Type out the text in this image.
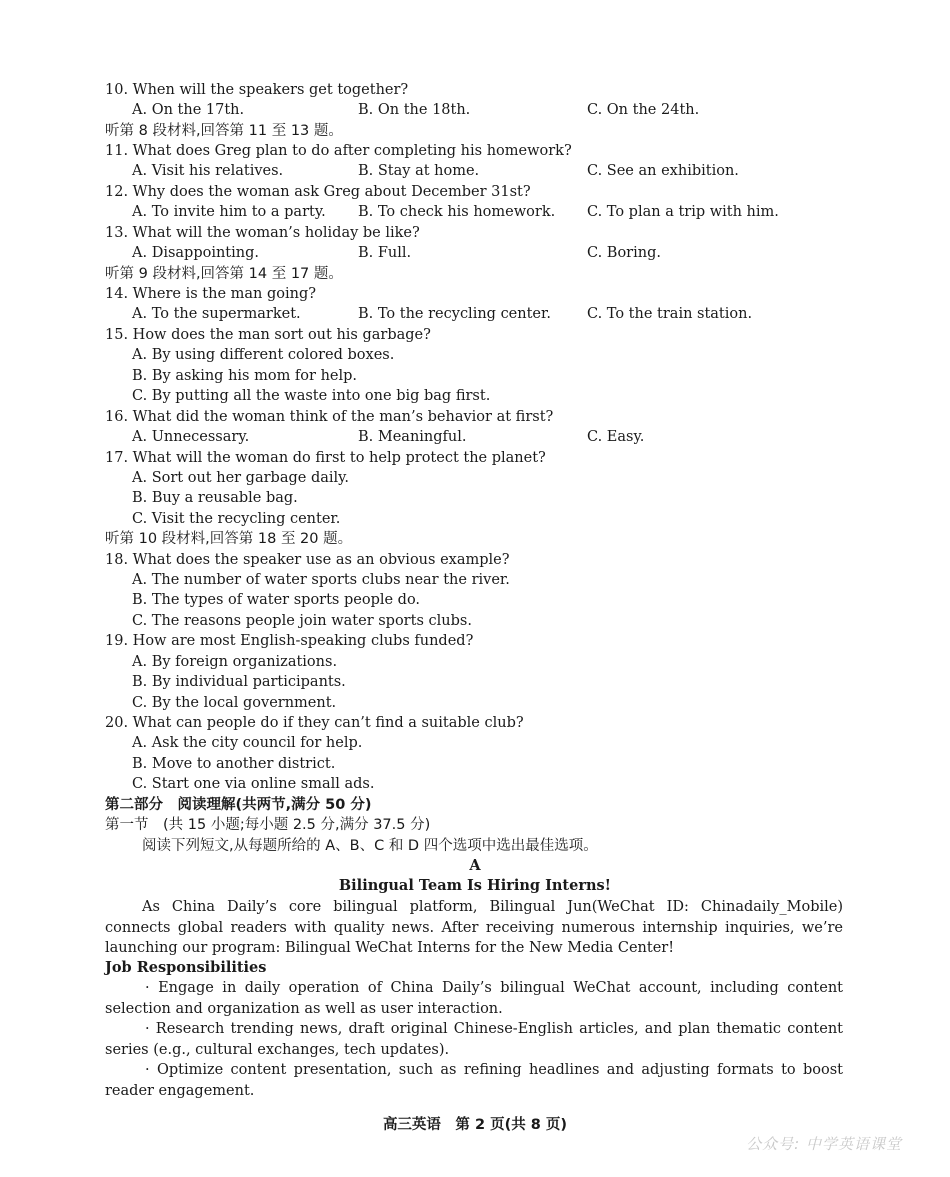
10. When will the speakers get together?
A. On the 17th.	B. On the 18th.	C. On the 24th.
听第 8 段材料,回答第 11 至 13 题。
11. What does Greg plan to do after completing his homework?
A. Visit his relatives.	B. Stay at home.	C. See an exhibition.
12. Why does the woman ask Greg about December 31st?
A. To invite him to a party. B. To check his homework. C. To plan a trip with him.
13. What will the woman’s holiday be like?
A. Disappointing.	B. Full.	C. Boring.
听第 9 段材料,回答第 14 至 17 题。
14. Where is the man going?
A. To the supermarket.	B. To the recycling center. C. To the train station.
15. How does the man sort out his garbage?
A. By using different colored boxes.
B. By asking his mom for help.
C. By putting all the waste into one big bag first.
16. What did the woman think of the man’s behavior at first?
A. Unnecessary.	B. Meaningful.	C. Easy.
17. What will the woman do first to help protect the planet?
A. Sort out her garbage daily.
B. Buy a reusable bag.
C. Visit the recycling center.
听第 10 段材料,回答第 18 至 20 题。
18. What does the speaker use as an obvious example?
A. The number of water sports clubs near the river.
B. The types of water sports people do.
C. The reasons people join water sports clubs.
19. How are most English-speaking clubs funded?
A. By foreign organizations.
B. By individual participants.
C. By the local government.
20. What can people do if they can’t find a suitable club?
A. Ask the city council for help.
B. Move to another district.
C. Start one via online small ads.
第二部分　阅读理解(共两节,满分 50 分)
第一节　(共 15 小题;每小题 2.5 分,满分 37.5 分)
阅读下列短文,从每题所给的 A、B、C 和 D 四个选项中选出最佳选项。
A
Bilingual Team Is Hiring Interns!
As China Daily’s core bilingual platform, Bilingual Jun(WeChat ID: Chinadaily_Mobile) connects global readers with quality news. After receiving numerous internship inquiries, we’re launching our program: Bilingual WeChat Interns for the New Media Center!
Job Responsibilities
· Engage in daily operation of China Daily’s bilingual WeChat account, including content selection and organization as well as user interaction.
· Research trending news, draft original Chinese-English articles, and plan thematic content series (e.g., cultural exchanges, tech updates).
· Optimize content presentation, such as refining headlines and adjusting formats to boost reader engagement.
高三英语　第 2 页(共 8 页)
公众号: 中学英语课堂
